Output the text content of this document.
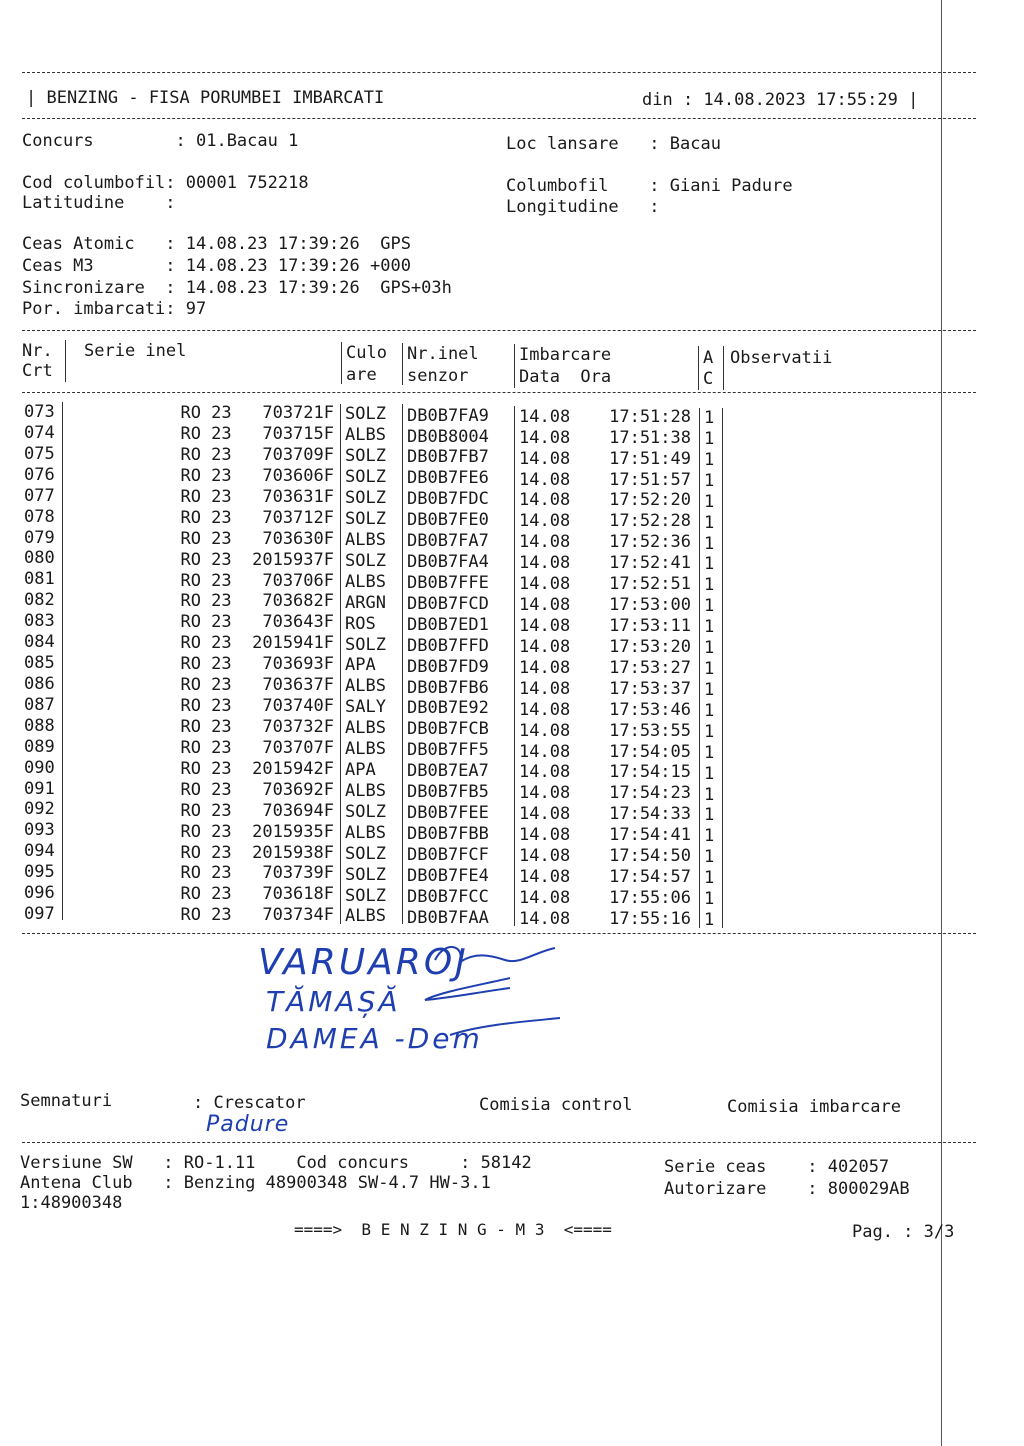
| BENZING - FISA PORUMBEI IMBARCATI	din : 14.08.2023 17:55:29 |
Concurs        : 01.Bacau 1	Loc lansare   : Bacau
Cod columbofil: 00001 752218
Latitudine    :
Columbofil    : Giani Padure
Longitudine   :
Ceas Atomic   : 14.08.23 17:39:26  GPS
Ceas M3       : 14.08.23 17:39:26 +000
Sincronizare  : 14.08.23 17:39:26  GPS+03h
Por. imbarcati: 97
Nr.
Crt
Serie inel	Culo
are
Nr.inel
senzor
Imbarcare
Data  Ora
A
C
Observatii
073	RO 23   703721F SOLZ DB0B7FA9 14.08	17:51:28 1
074	RO 23   703715F ALBS DB0B8004 14.08	17:51:38 1
075	RO 23   703709F SOLZ DB0B7FB7 14.08	17:51:49 1
076	RO 23   703606F SOLZ DB0B7FE6 14.08	17:51:57 1
077	RO 23   703631F SOLZ DB0B7FDC 14.08	17:52:20 1
078	RO 23   703712F SOLZ DB0B7FE0 14.08	17:52:28 1
079	RO 23   703630F ALBS DB0B7FA7 14.08	17:52:36 1
080	RO 23  2015937F SOLZ DB0B7FA4 14.08	17:52:41 1
081	RO 23   703706F ALBS DB0B7FFE 14.08	17:52:51 1
082	RO 23   703682F ARGN DB0B7FCD 14.08	17:53:00 1
083	RO 23   703643F ROS DB0B7ED1 14.08	17:53:11 1
084	RO 23  2015941F SOLZ DB0B7FFD 14.08	17:53:20 1
085	RO 23   703693F APA DB0B7FD9 14.08	17:53:27 1
086	RO 23   703637F ALBS DB0B7FB6 14.08	17:53:37 1
087	RO 23   703740F SALY DB0B7E92 14.08	17:53:46 1
088	RO 23   703732F ALBS DB0B7FCB 14.08	17:53:55 1
089	RO 23   703707F ALBS DB0B7FF5 14.08	17:54:05 1
090	RO 23  2015942F APA DB0B7EA7 14.08	17:54:15 1
091	RO 23   703692F ALBS DB0B7FB5 14.08	17:54:23 1
092	RO 23   703694F SOLZ DB0B7FEE 14.08	17:54:33 1
093	RO 23  2015935F ALBS DB0B7FBB 14.08	17:54:41 1
094	RO 23  2015938F SOLZ DB0B7FCF 14.08	17:54:50 1
095	RO 23   703739F SOLZ DB0B7FE4 14.08	17:54:57 1
096	RO 23   703618F SOLZ DB0B7FCC 14.08	17:55:06 1
097	RO 23   703734F ALBS DB0B7FAA 14.08	17:55:16 1
VARUAROJ
TĂMAȘĂ
DAMEA -Dem
Semnaturi	: Crescator	Comisia control	Comisia imbarcare
Padure
Versiune SW   : RO-1.11    Cod concurs     : 58142	Serie ceas    : 402057
Antena Club   : Benzing 48900348 SW-4.7 HW-3.1	Autorizare    : 800029AB
1:48900348
====>  B E N Z I N G - M 3  <====	Pag. : 3/3
